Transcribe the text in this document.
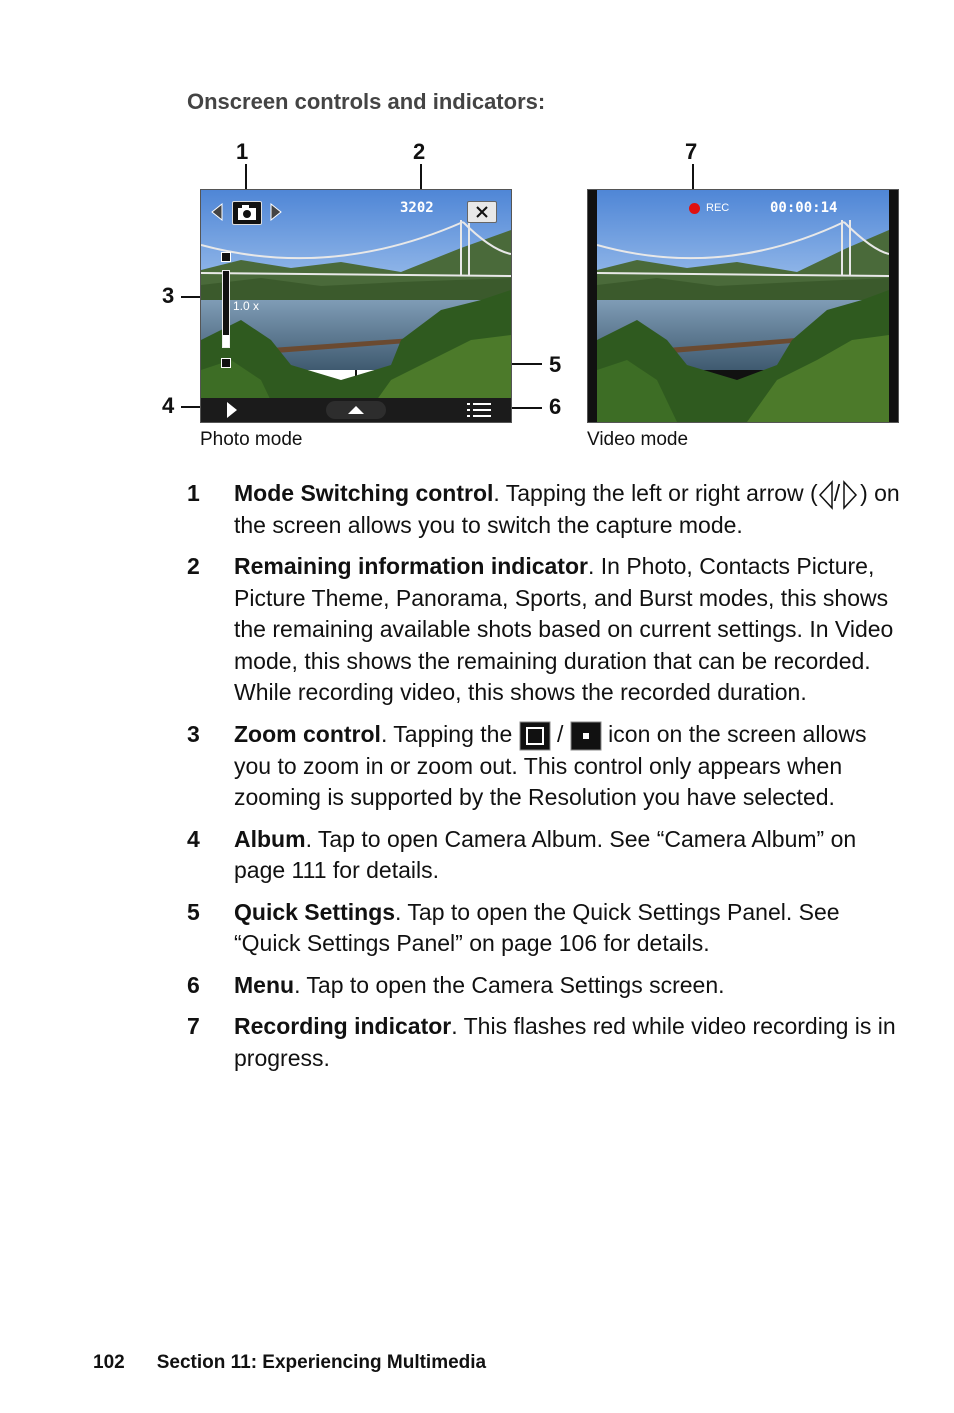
Onscreen controls and indicators:
1	2	7
3
5
4	6
3202
1.0 x
Photo mode
REC	00:00:14
Video mode
1 Mode Switching control. Tapping the left or right arrow ( / ) on the screen allows you to switch the capture mode.
2 Remaining information indicator. In Photo, Contacts Picture, Picture Theme, Panorama, Sports, and Burst modes, this shows the remaining available shots based on current settings. In Video mode, this shows the remaining duration that can be recorded. While recording video, this shows the recorded duration.
3 Zoom control. Tapping the  /  icon on the screen allows you to zoom in or zoom out. This control only appears when zooming is supported by the Resolution you have selected.
4 Album. Tap to open Camera Album. See “Camera Album” on page 111 for details.
5 Quick Settings. Tap to open the Quick Settings Panel. See “Quick Settings Panel” on page 106 for details.
6 Menu. Tap to open the Camera Settings screen.
7 Recording indicator. This flashes red while video recording is in progress.
102 Section 11: Experiencing Multimedia
